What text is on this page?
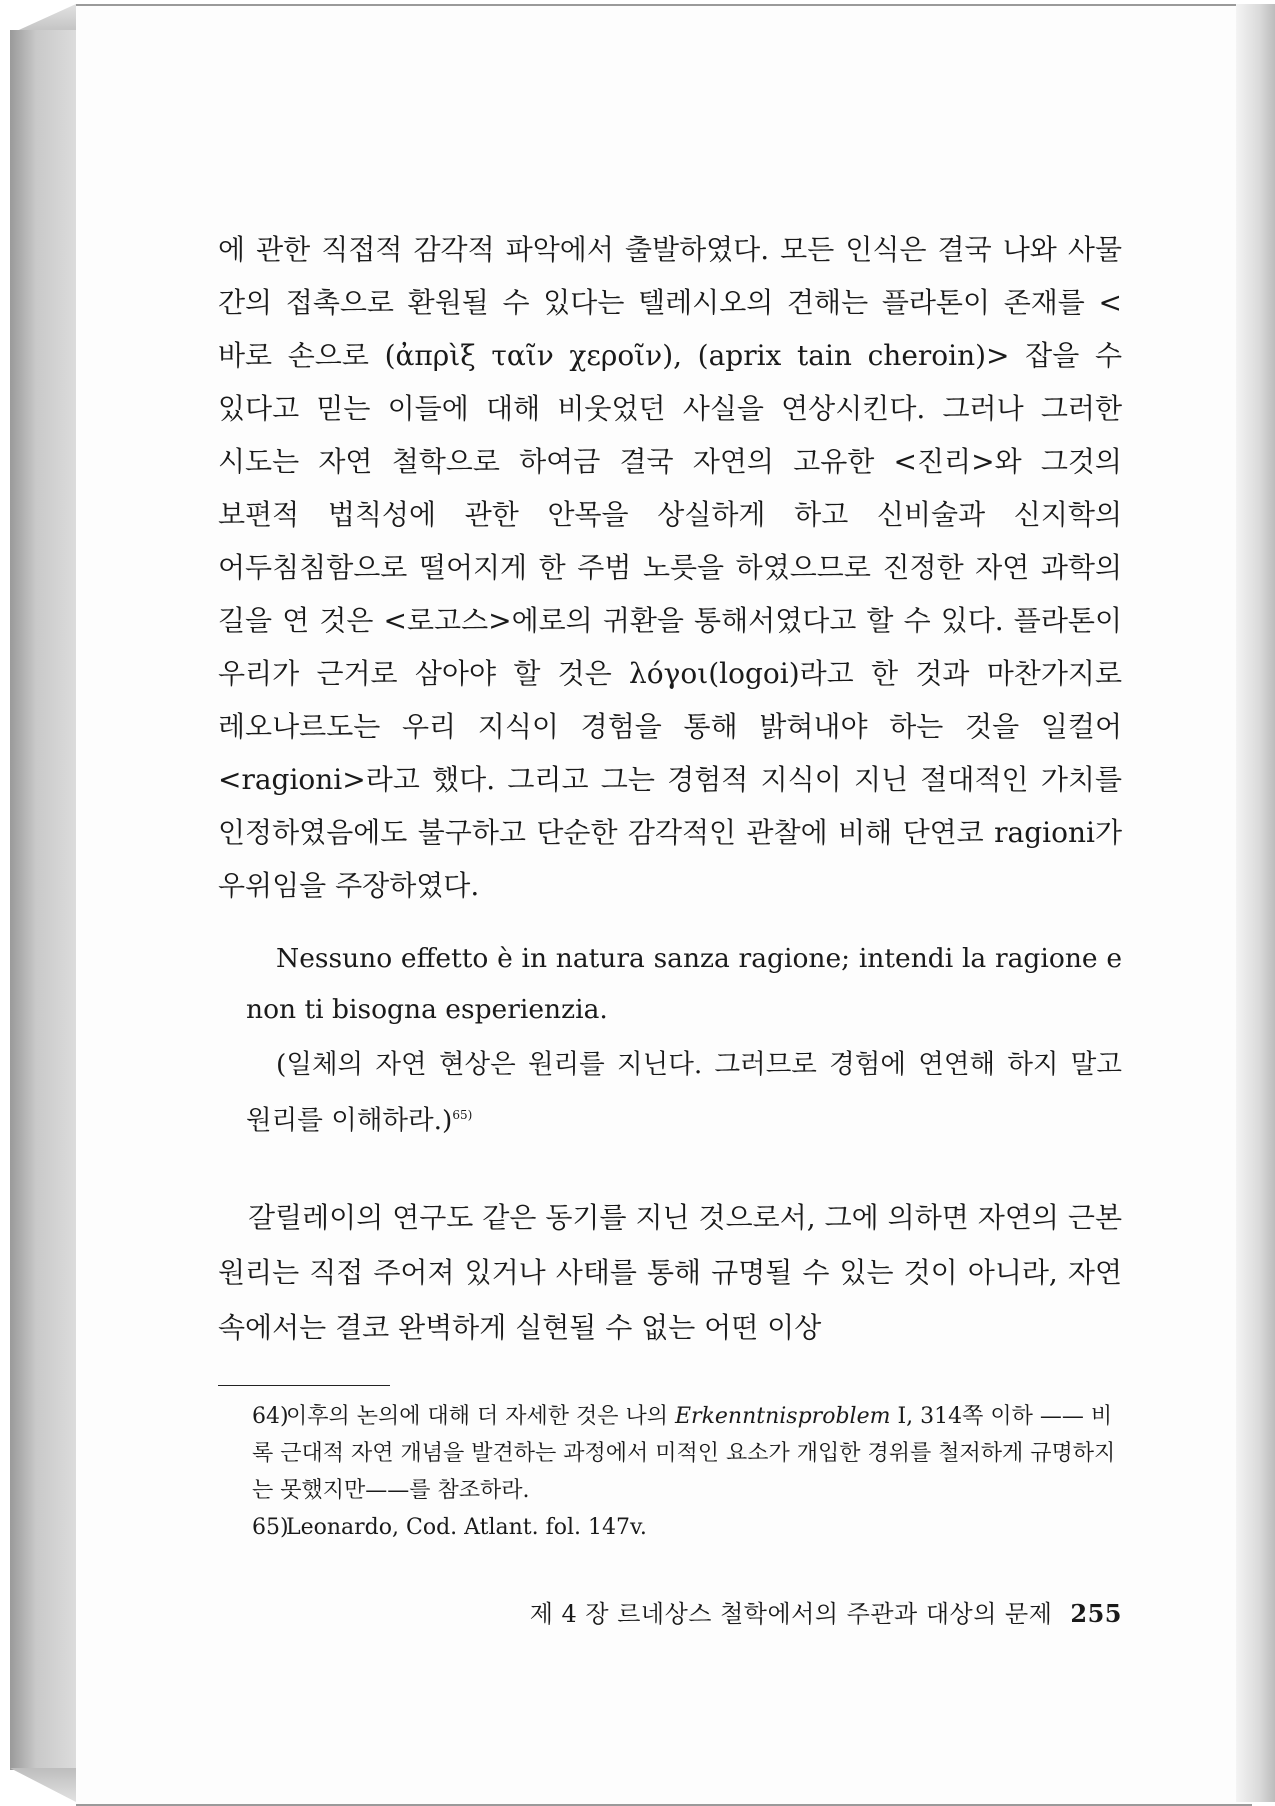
에 관한 직접적 감각적 파악에서 출발하였다. 모든 인식은 결국 나와 사물 간의 접촉으로 환원될 수 있다는 텔레시오의 견해는 플라톤이 존재를 <바로 손으로 (ἀπρὶξ ταῖν χεροῖν), (aprix tain cheroin)> 잡을 수 있다고 믿는 이들에 대해 비웃었던 사실을 연상시킨다. 그러나 그러한 시도는 자연 철학으로 하여금 결국 자연의 고유한 <진리>와 그것의 보편적 법칙성에 관한 안목을 상실하게 하고 신비술과 신지학의 어두침침함으로 떨어지게 한 주범 노릇을 하였으므로 진정한 자연 과학의 길을 연 것은 <로고스>에로의 귀환을 통해서였다고 할 수 있다. 플라톤이 우리가 근거로 삼아야 할 것은 λόγοι(logoi)라고 한 것과 마찬가지로 레오나르도는 우리 지식이 경험을 통해 밝혀내야 하는 것을 일컬어 <ragioni>라고 했다. 그리고 그는 경험적 지식이 지닌 절대적인 가치를 인정하였음에도 불구하고 단순한 감각적인 관찰에 비해 단연코 ragioni가 우위임을 주장하였다.

Nessuno effetto è in natura sanza ragione; intendi la ragione e non ti bisogna esperienzia.

(일체의 자연 현상은 원리를 지닌다. 그러므로 경험에 연연해 하지 말고 원리를 이해하라.)$^{65)}$

갈릴레이의 연구도 같은 동기를 지닌 것으로서, 그에 의하면 자연의 근본 원리는 직접 주어져 있거나 사태를 통해 규명될 수 있는 것이 아니라, 자연 속에서는 결코 완벽하게 실현될 수 없는 어떤 이상

64)이후의 논의에 대해 더 자세한 것은 나의 Erkenntnisproblem I, 314쪽 이하 —— 비록 근대적 자연 개념을 발견하는 과정에서 미적인 요소가 개입한 경위를 철저하게 규명하지는 못했지만——를 참조하라.

65)Leonardo, Cod. Atlant. fol. 147v.

제 4 장 르네상스 철학에서의 주관과 대상의 문제 255
